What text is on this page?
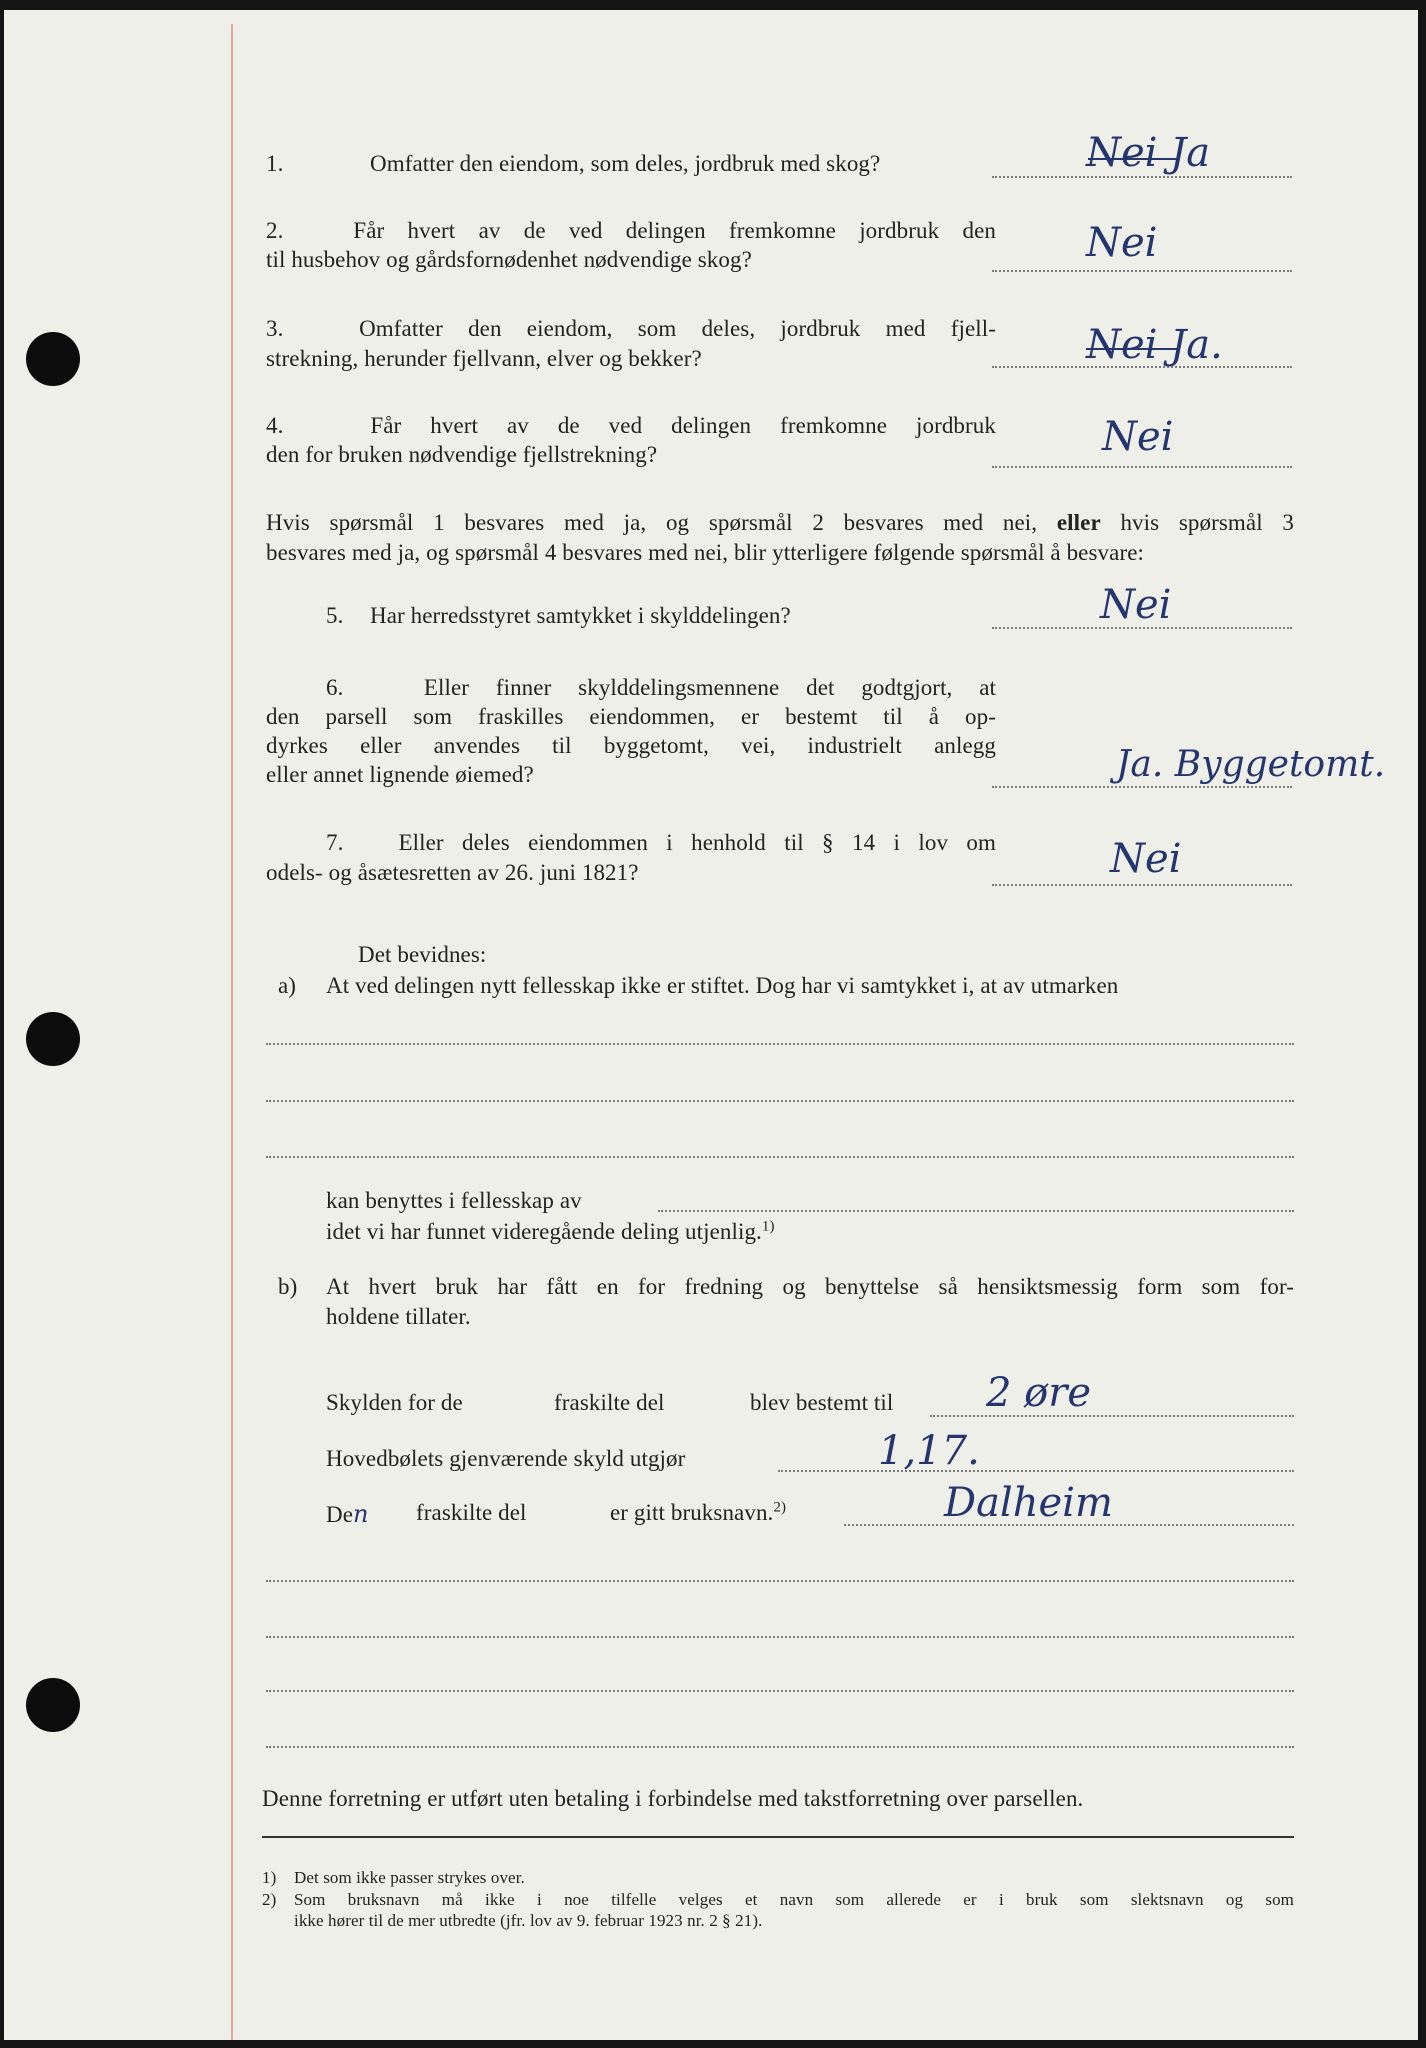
1.	Omfatter den eiendom, som deles, jordbruk med skog?	Nei Ja
2.	Får hvert av de ved delingen fremkomne jordbruk den
til husbehov og gårdsfornødenhet nødvendige skog?	Nei
3.	Omfatter den eiendom, som deles, jordbruk med fjell-
strekning, herunder fjellvann, elver og bekker?	Nei Ja.
4.	Får hvert av de ved delingen fremkomne jordbruk
den for bruken nødvendige fjellstrekning?	Nei
Hvis spørsmål 1 besvares med ja, og spørsmål 2 besvares med nei, eller hvis spørsmål 3
besvares med ja, og spørsmål 4 besvares med nei, blir ytterligere følgende spørsmål å besvare:
5. Har herredsstyret samtykket i skylddelingen?	Nei
6.	Eller finner skylddelingsmennene det godtgjort, at
den parsell som fraskilles eiendommen, er bestemt til å op-
dyrkes eller anvendes til byggetomt, vei, industrielt anlegg
eller annet lignende øiemed?	Ja. Byggetomt.
7. Eller deles eiendommen i henhold til § 14 i lov om
odels- og åsætesretten av 26. juni 1821?	Nei
Det bevidnes:
a) At ved delingen nytt fellesskap ikke er stiftet. Dog har vi samtykket i, at av utmarken
kan benyttes i fellesskap av
idet vi har funnet videregående deling utjenlig.$^{1)}$
b) At hvert bruk har fått en for fredning og benyttelse så hensiktsmessig form som for-
holdene tillater.
Skylden for de	fraskilte del	blev bestemt til 2 øre
Hovedbølets gjenværende skyld utgjør	1,17.
Den fraskilte del	er gitt bruksnavn.$^{2)}$	Dalheim
Denne forretning er utført uten betaling i forbindelse med takstforretning over parsellen.
1) Det som ikke passer strykes over.
2) Som bruksnavn må ikke i noe tilfelle velges et navn som allerede er i bruk som slektsnavn og som
ikke hører til de mer utbredte (jfr. lov av 9. februar 1923 nr. 2 § 21).
